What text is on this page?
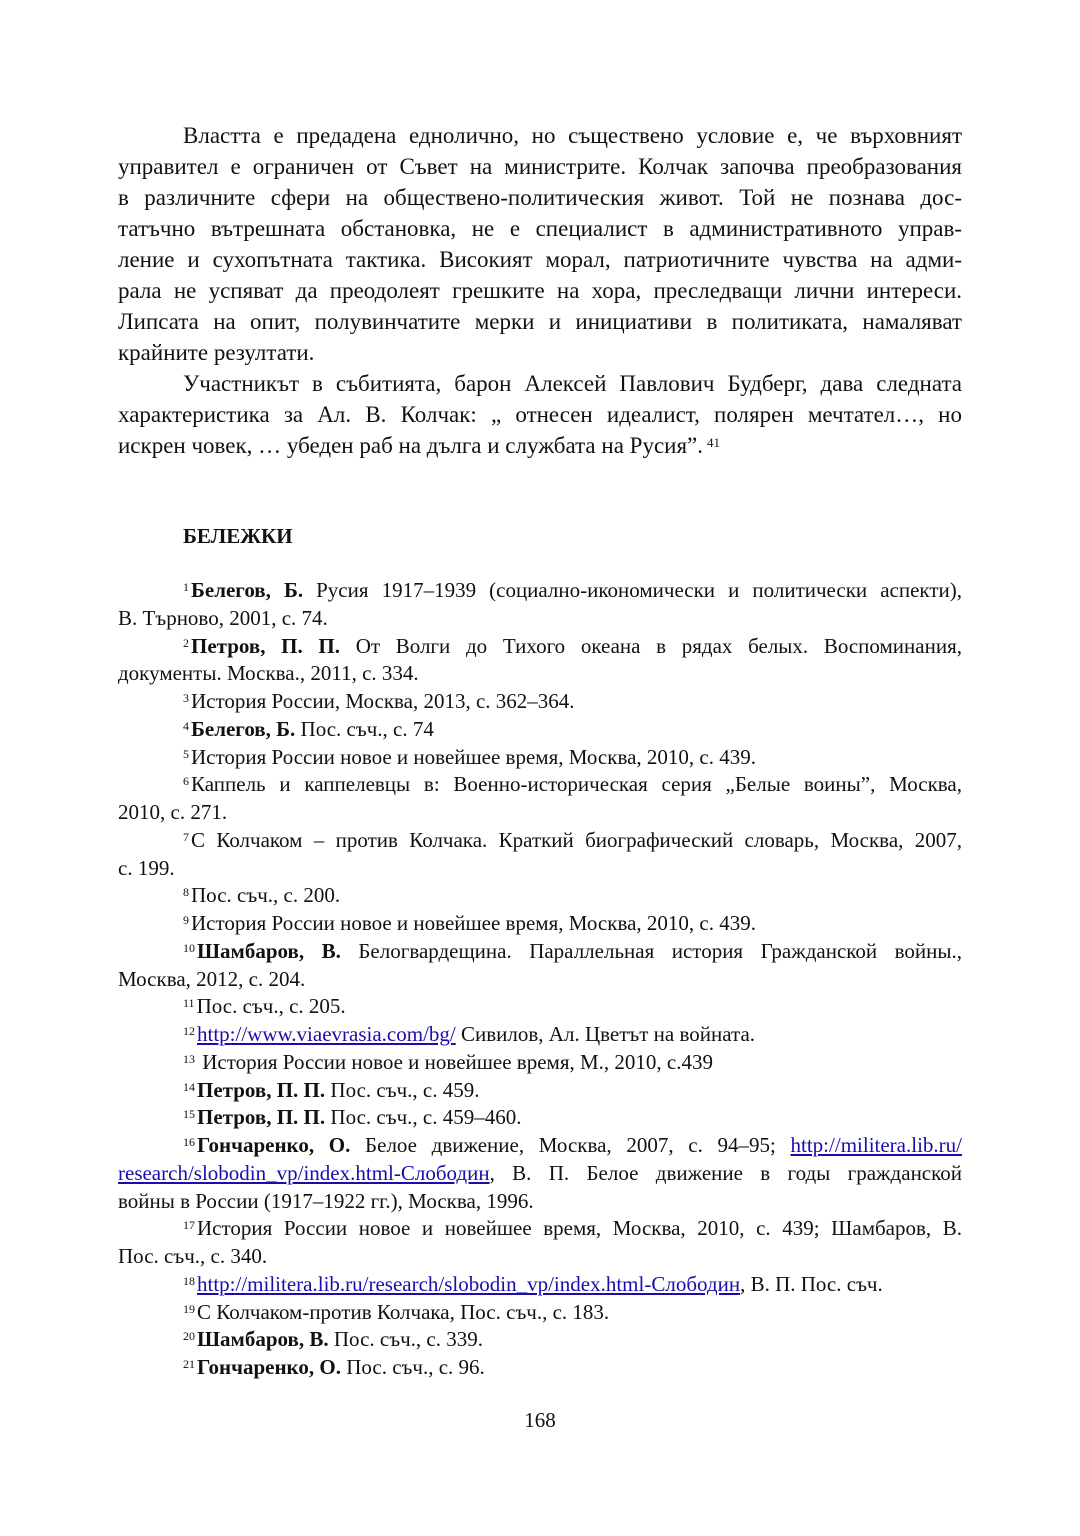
Властта е предадена еднолично, но съществено условие е, че върховният
управител е ограничен от Съвет на министрите. Колчак започва преобразования
в различните сфери на обществено-политическия живот. Той не познава дос-
татъчно вътрешната обстановка, не е специалист в административното управ-
ление и сухопътната тактика. Високият морал, патриотичните чувства на адми-
рала не успяват да преодолеят грешките на хора, преследващи лични интереси.
Липсата на опит, полувинчатите мерки и инициативи в политиката, намаляват
крайните резултати.
Участникът в събитията, барон Алексей Павлович Будберг, дава следната
характеристика за Ал. В. Колчак: „ отнесен идеалист, полярен мечтател…, но
искрен човек, … убеден раб на дълга и службата на Русия”. $^{41}$
БЕЛЕЖКИ
$^1$Белегов, Б. Русия 1917–1939 (социално-икономически и политически аспекти),
В. Търново, 2001, с. 74.
$^2$Петров, П. П. От Волги до Тихого океана в рядах белых. Воспоминания,
документы. Москва., 2011, с. 334.
$^3$История России, Москва, 2013, с. 362–364.
$^4$Белегов, Б. Пос. съч., с. 74
$^5$История России новое и новейшее время, Москва, 2010, с. 439.
$^6$Каппель и каппелевцы в: Военно-историческая серия „Белые воины”, Москва,
2010, с. 271.
$^7$С Колчаком – против Колчака. Краткий биографический словарь, Москва, 2007,
с. 199.
$^8$Пос. съч., с. 200.
$^9$История России новое и новейшее время, Москва, 2010, с. 439.
$^{10}$Шамбаров, В. Белогвардещина. Параллельная история Гражданской войны.,
Москва, 2012, с. 204.
$^{11}$Пос. съч., с. 205.
$^{12}$http://www.viaevrasia.com/bg/ Сивилов, Ал. Цветът на войната.
$^{13}$ История России новое и новейшее время, М., 2010, с.439
$^{14}$Петров, П. П. Пос. съч., с. 459.
$^{15}$Петров, П. П. Пос. съч., с. 459–460.
$^{16}$Гончаренко, О. Белое движение, Москва, 2007, с. 94–95; http://militera.lib.ru/
research/slobodin_vp/index.html-Слободин, В. П. Белое движение в годы гражданской
войны в России (1917–1922 гг.), Москва, 1996.
$^{17}$История России новое и новейшее время, Москва, 2010, с. 439; Шамбаров, В.
Пос. съч., с. 340.
$^{18}$http://militera.lib.ru/research/slobodin_vp/index.html-Слободин, В. П. Пос. съч.
$^{19}$С Колчаком-против Колчака, Пос. съч., с. 183.
$^{20}$Шамбаров, В. Пос. съч., с. 339.
$^{21}$Гончаренко, О. Пос. съч., с. 96.
168
